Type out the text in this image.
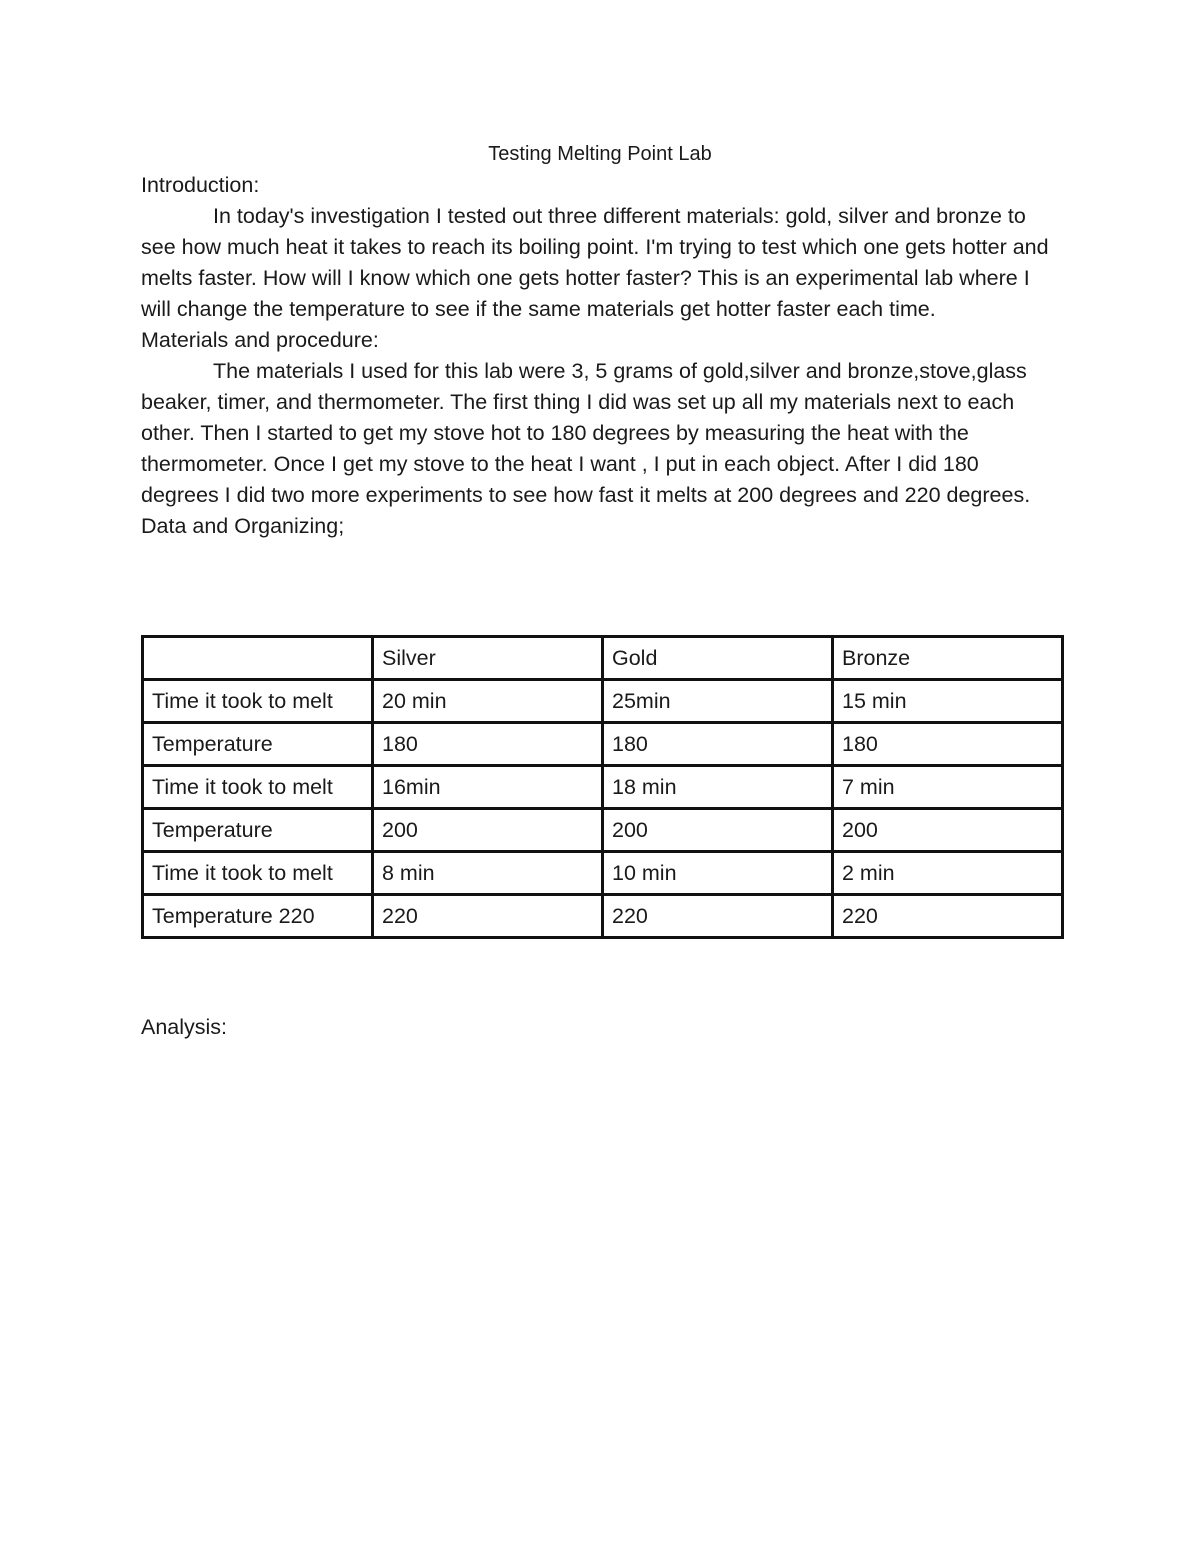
Testing Melting Point Lab

Introduction:

In today's investigation I tested out three different materials: gold, silver and bronze to see how much heat it takes to reach its boiling point. I'm trying to test which one gets hotter and melts faster. How will I know which one gets hotter faster? This is an experimental lab where I will change the temperature to see if the same materials get hotter faster each time.

Materials and procedure:

The materials I used for this lab were 3, 5 grams of gold,silver and bronze,stove,glass beaker, timer, and thermometer. The first thing I did was set up all my materials next to each other. Then I started to get my stove hot to 180 degrees by measuring the heat with the thermometer. Once I get my stove to the heat I want , I put in each object. After I did 180 degrees I did two more experiments to see how fast it melts at 200 degrees and 220 degrees.

Data and Organizing;

	Silver	Gold	Bronze
Time it took to melt	20 min	25min	15 min
Temperature	180	180	180
Time it took to melt	16min	18 min	7 min
Temperature	200	200	200
Time it took to melt	8 min	10 min	2 min
Temperature 220	220	220	220

Analysis:
